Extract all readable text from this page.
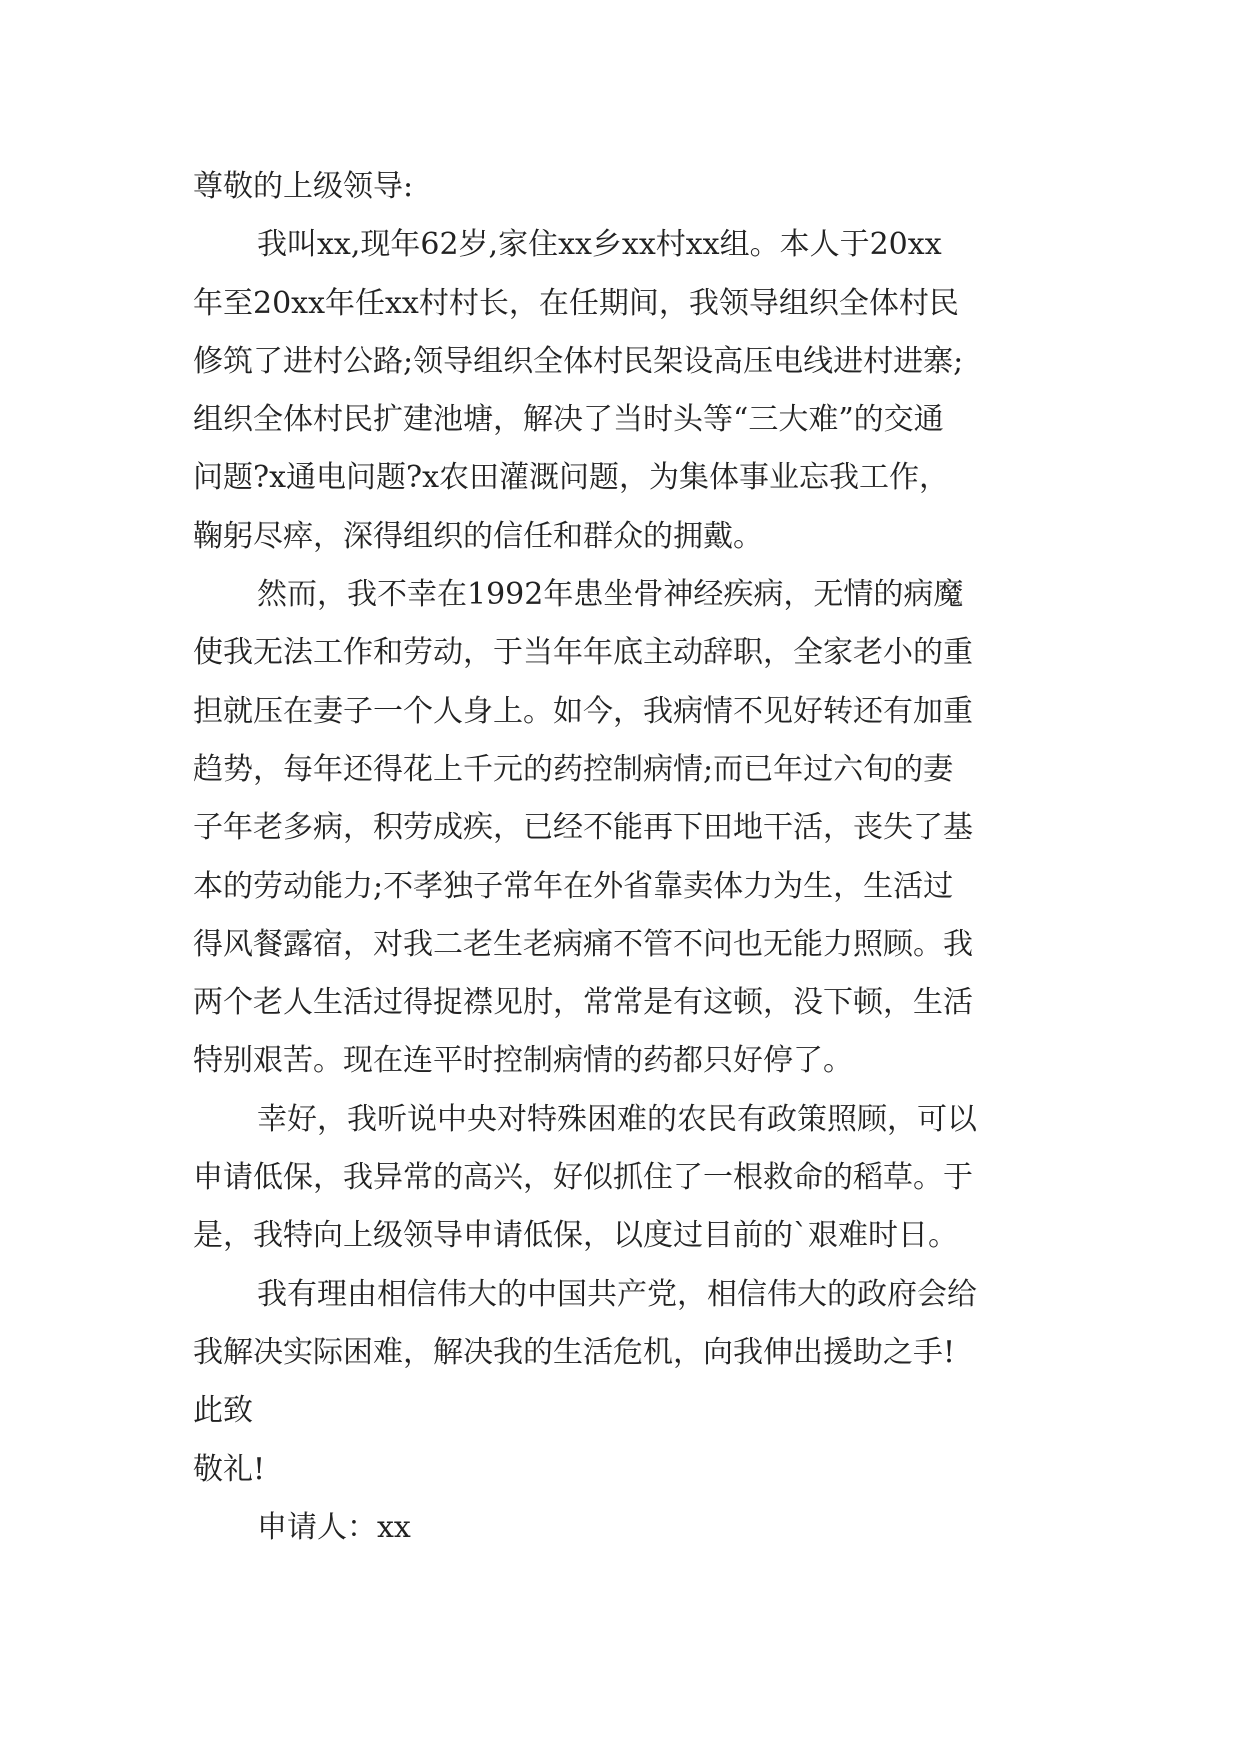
尊敬的上级领导:
我叫xx,现年62岁,家住xx乡xx村xx组。本人于20xx
年至20xx年任xx村村长，在任期间，我领导组织全体村民
修筑了进村公路;领导组织全体村民架设高压电线进村进寨;
组织全体村民扩建池塘，解决了当时头等“三大难”的交通
问题?x通电问题?x农田灌溉问题，为集体事业忘我工作，
鞠躬尽瘁，深得组织的信任和群众的拥戴。
然而，我不幸在1992年患坐骨神经疾病，无情的病魔
使我无法工作和劳动，于当年年底主动辞职，全家老小的重
担就压在妻子一个人身上。如今，我病情不见好转还有加重
趋势，每年还得花上千元的药控制病情;而已年过六旬的妻
子年老多病，积劳成疾，已经不能再下田地干活，丧失了基
本的劳动能力;不孝独子常年在外省靠卖体力为生，生活过
得风餐露宿，对我二老生老病痛不管不问也无能力照顾。我
两个老人生活过得捉襟见肘，常常是有这顿，没下顿，生活
特别艰苦。现在连平时控制病情的药都只好停了。
幸好，我听说中央对特殊困难的农民有政策照顾，可以
申请低保，我异常的高兴，好似抓住了一根救命的稻草。于
是，我特向上级领导申请低保，以度过目前的`艰难时日。
我有理由相信伟大的中国共产党，相信伟大的政府会给
我解决实际困难，解决我的生活危机，向我伸出援助之手!
此致
敬礼!
申请人：xx
